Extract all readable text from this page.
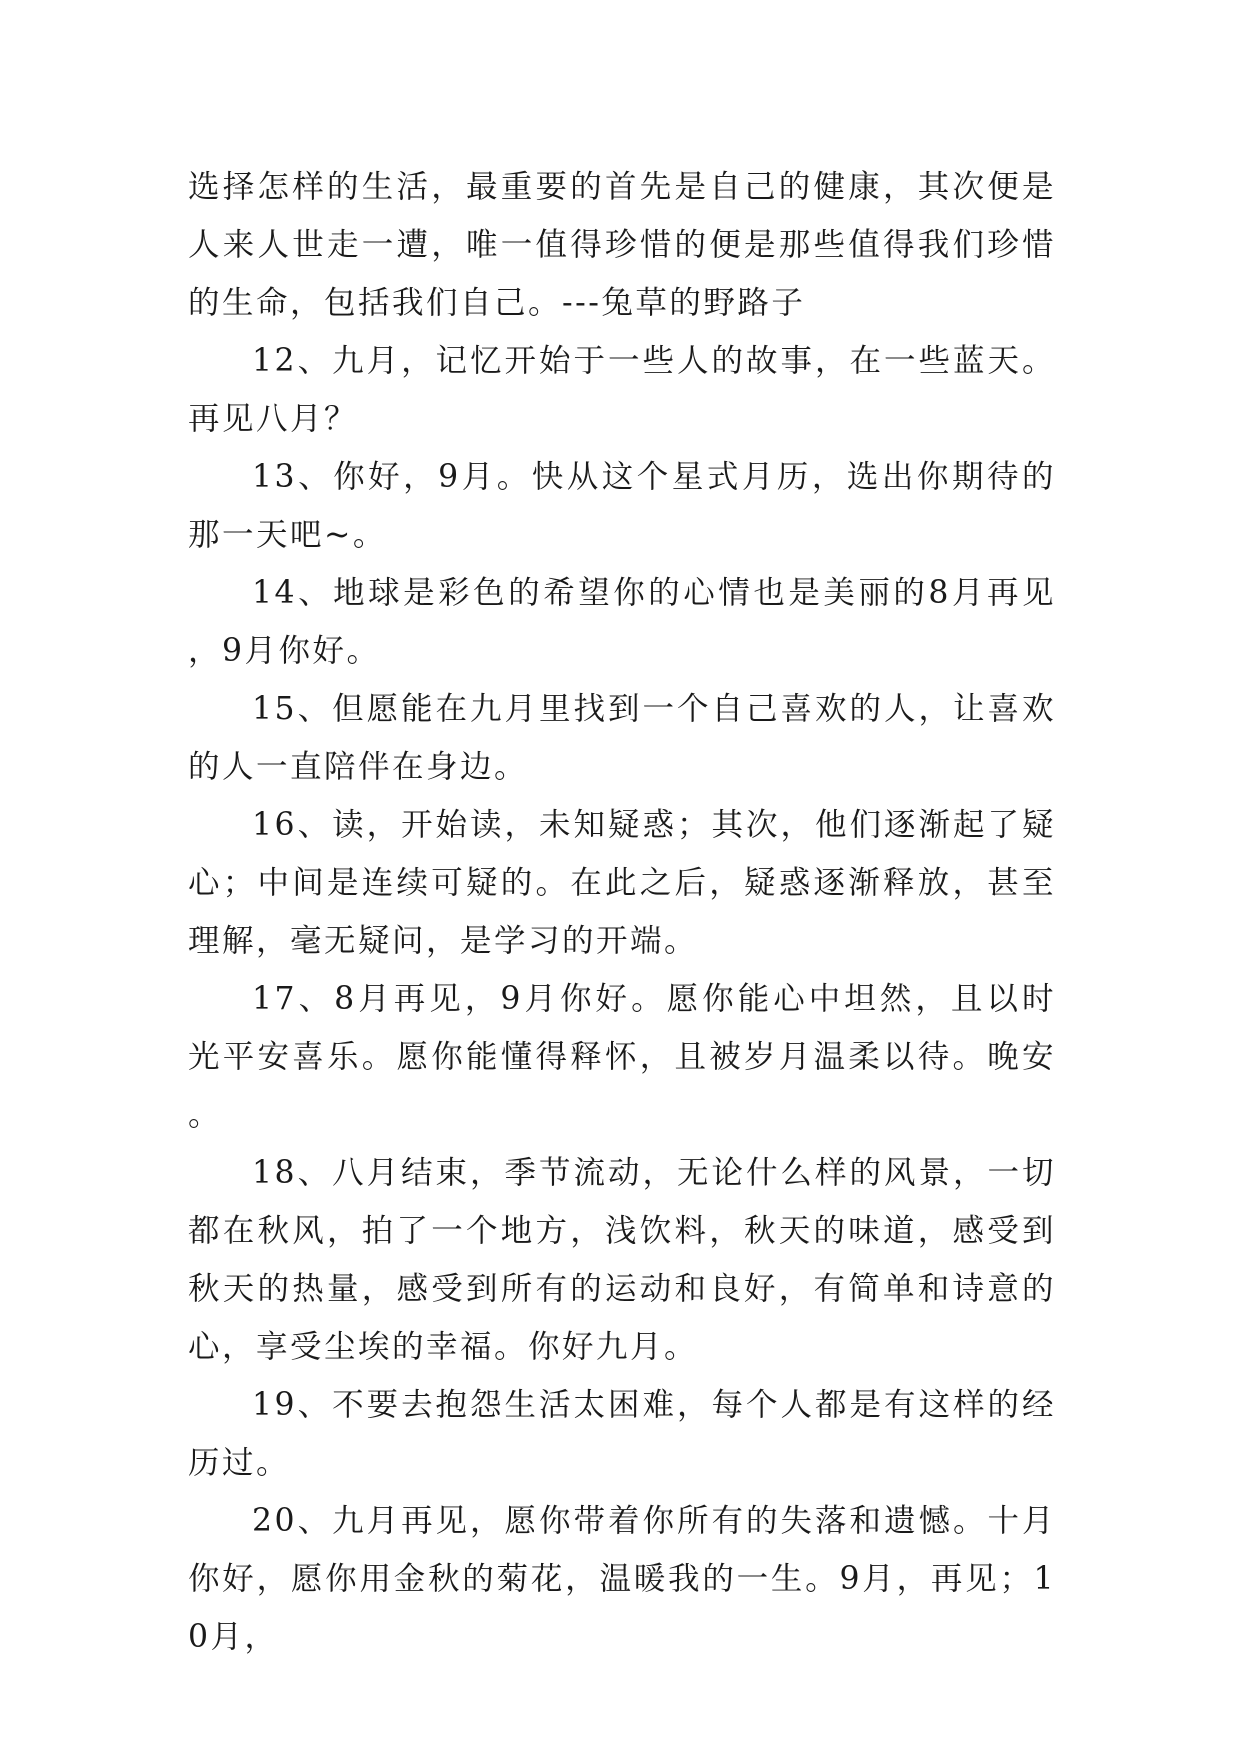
选择怎样的生活，最重要的首先是自己的健康，其次便是人来人世走一遭，唯一值得珍惜的便是那些值得我们珍惜的生命，包括我们自己。---兔草的野路子

12、九月，记忆开始于一些人的故事，在一些蓝天。再见八月？

13、你好，9月。快从这个星式月历，选出你期待的那一天吧~。

14、地球是彩色的希望你的心情也是美丽的8月再见，9月你好。

15、但愿能在九月里找到一个自己喜欢的人，让喜欢的人一直陪伴在身边。

16、读，开始读，未知疑惑；其次，他们逐渐起了疑心；中间是连续可疑的。在此之后，疑惑逐渐释放，甚至理解，毫无疑问，是学习的开端。

17、8月再见，9月你好。愿你能心中坦然，且以时光平安喜乐。愿你能懂得释怀，且被岁月温柔以待。晚安。

18、八月结束，季节流动，无论什么样的风景，一切都在秋风，拍了一个地方，浅饮料，秋天的味道，感受到秋天的热量，感受到所有的运动和良好，有简单和诗意的心，享受尘埃的幸福。你好九月。

19、不要去抱怨生活太困难，每个人都是有这样的经历过。

20、九月再见，愿你带着你所有的失落和遗憾。十月你好，愿你用金秋的菊花，温暖我的一生。9月，再见；10月，
